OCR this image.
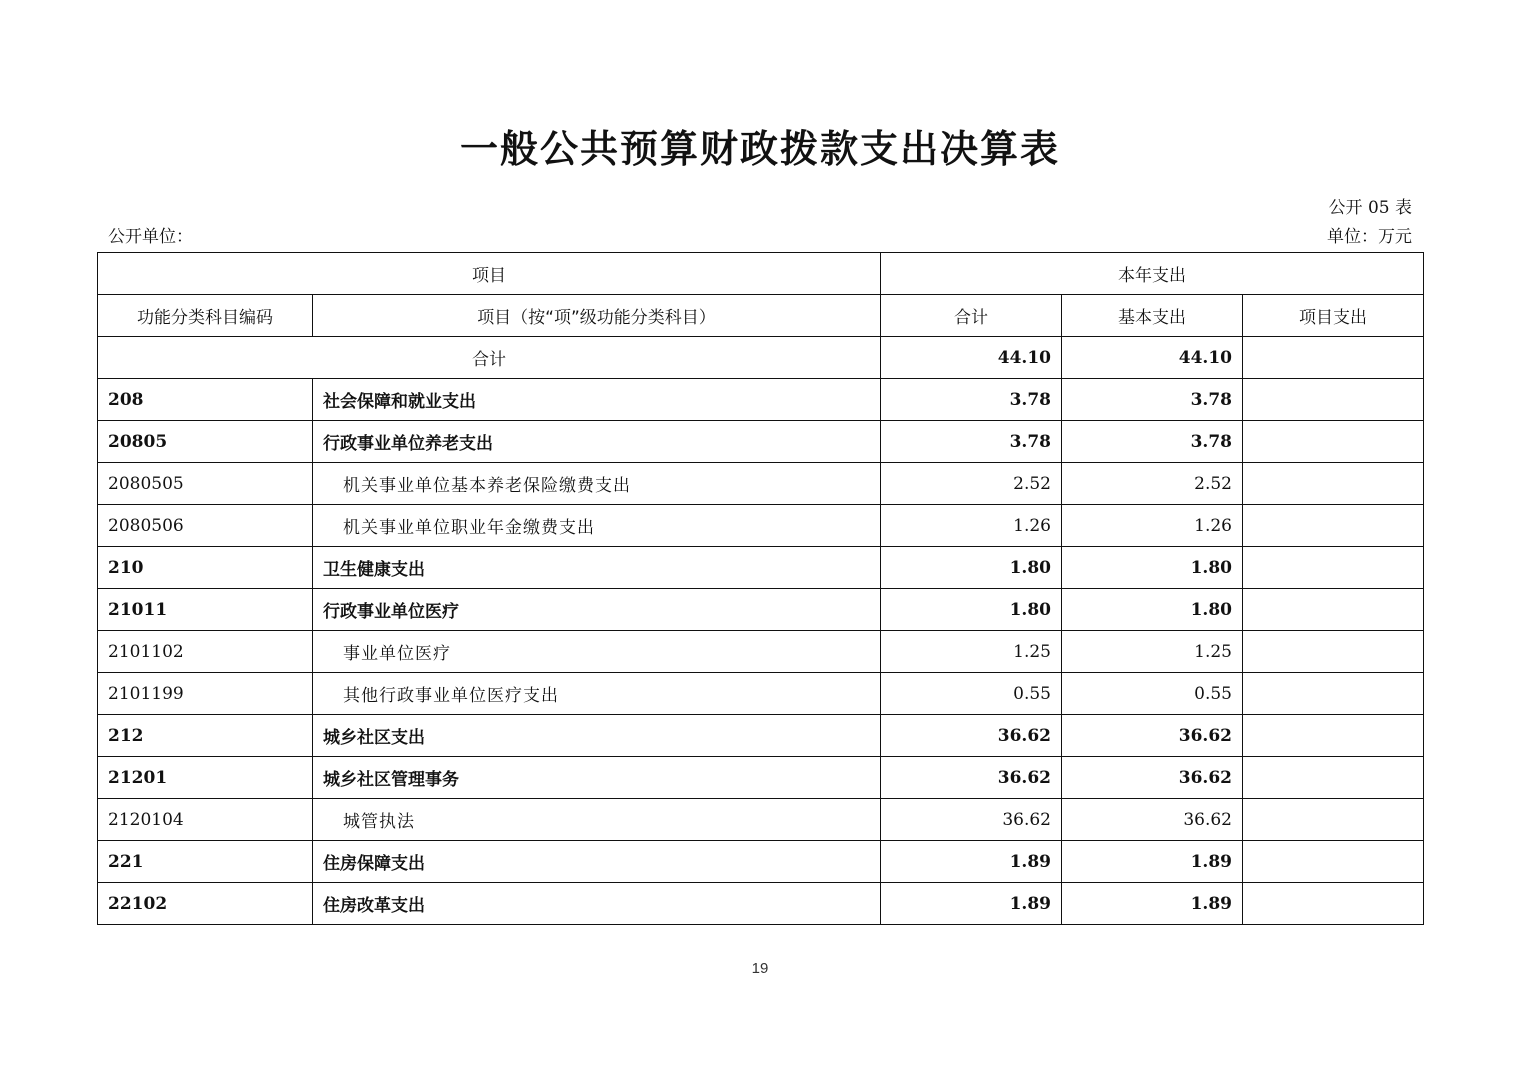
一般公共预算财政拨款支出决算表
公开 05 表
公开单位：	单位：万元
项目		本年支出		
功能分类科目编码	项目（按“项”级功能分类科目）	合计	基本支出	项目支出
合计		44.10	44.10	
208	社会保障和就业支出	3.78	3.78	
20805	行政事业单位养老支出	3.78	3.78	
2080505	机关事业单位基本养老保险缴费支出	2.52	2.52	
2080506	机关事业单位职业年金缴费支出	1.26	1.26	
210	卫生健康支出	1.80	1.80	
21011	行政事业单位医疗	1.80	1.80	
2101102	事业单位医疗	1.25	1.25	
2101199	其他行政事业单位医疗支出	0.55	0.55	
212	城乡社区支出	36.62	36.62	
21201	城乡社区管理事务	36.62	36.62	
2120104	城管执法	36.62	36.62	
221	住房保障支出	1.89	1.89	
22102	住房改革支出	1.89	1.89	
19
